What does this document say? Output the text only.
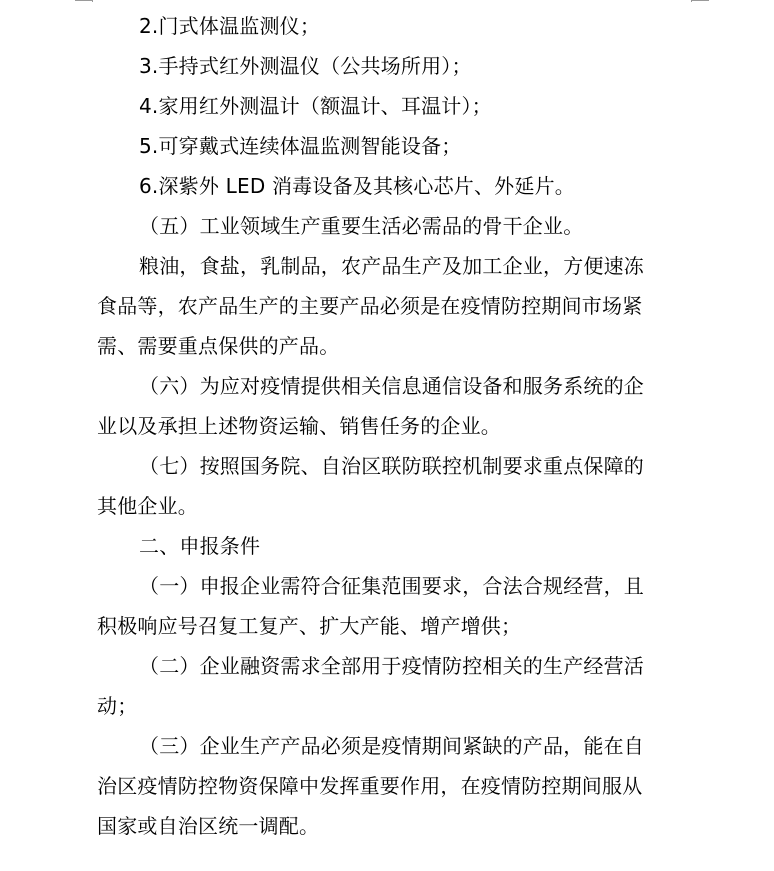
2.门式体温监测仪；
3.手持式红外测温仪（公共场所用）；
4.家用红外测温计（额温计、耳温计）；
5.可穿戴式连续体温监测智能设备；
6.深紫外 LED 消毒设备及其核心芯片、外延片。
（五）工业领域生产重要生活必需品的骨干企业。
粮油，食盐，乳制品，农产品生产及加工企业，方便速冻
食品等，农产品生产的主要产品必须是在疫情防控期间市场紧
需、需要重点保供的产品。
（六）为应对疫情提供相关信息通信设备和服务系统的企
业以及承担上述物资运输、销售任务的企业。
（七）按照国务院、自治区联防联控机制要求重点保障的
其他企业。
二、申报条件
（一）申报企业需符合征集范围要求，合法合规经营，且
积极响应号召复工复产、扩大产能、增产增供；
（二）企业融资需求全部用于疫情防控相关的生产经营活
动；
（三）企业生产产品必须是疫情期间紧缺的产品，能在自
治区疫情防控物资保障中发挥重要作用，在疫情防控期间服从
国家或自治区统一调配。
